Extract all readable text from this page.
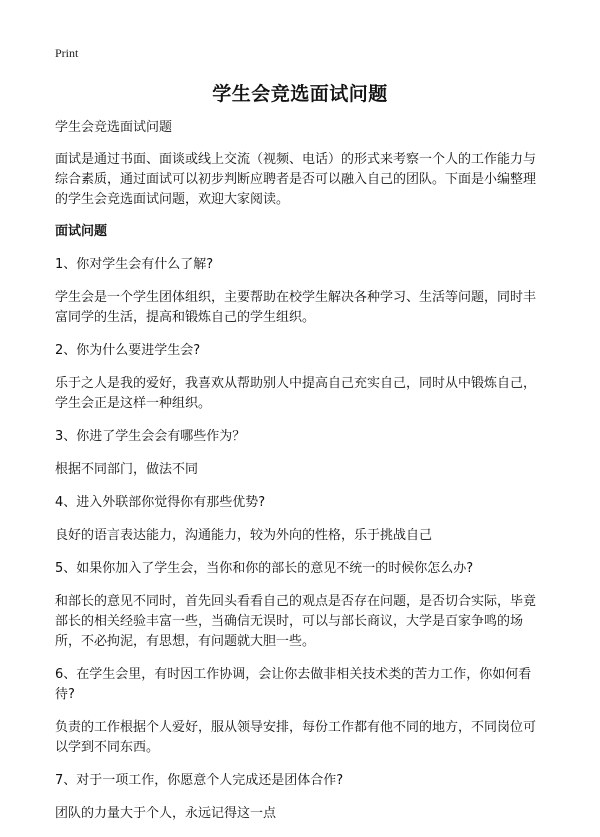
Print
学生会竞选面试问题

学生会竞选面试问题

面试是通过书面、面谈或线上交流（视频、电话）的形式来考察一个人的工作能力与综合素质，通过面试可以初步判断应聘者是否可以融入自己的团队。下面是小编整理的学生会竞选面试问题，欢迎大家阅读。

面试问题

1、你对学生会有什么了解?

学生会是一个学生团体组织，主要帮助在校学生解决各种学习、生活等问题，同时丰富同学的生活，提高和锻炼自己的学生组织。

2、你为什么要进学生会?

乐于之人是我的爱好，我喜欢从帮助别人中提高自己充实自己，同时从中锻炼自己，学生会正是这样一种组织。

3、你进了学生会会有哪些作为？

根据不同部门，做法不同

4、进入外联部你觉得你有那些优势?

良好的语言表达能力，沟通能力，较为外向的性格，乐于挑战自己

5、如果你加入了学生会，当你和你的部长的意见不统一的时候你怎么办?

和部长的意见不同时，首先回头看看自己的观点是否存在问题，是否切合实际，毕竟部长的相关经验丰富一些，当确信无误时，可以与部长商议，大学是百家争鸣的场所，不必拘泥，有思想，有问题就大胆一些。

6、在学生会里，有时因工作协调，会让你去做非相关技术类的苦力工作，你如何看待?

负责的工作根据个人爱好，服从领导安排，每份工作都有他不同的地方，不同岗位可以学到不同东西。

7、对于一项工作，你愿意个人完成还是团体合作?

团队的力量大于个人，永远记得这一点
